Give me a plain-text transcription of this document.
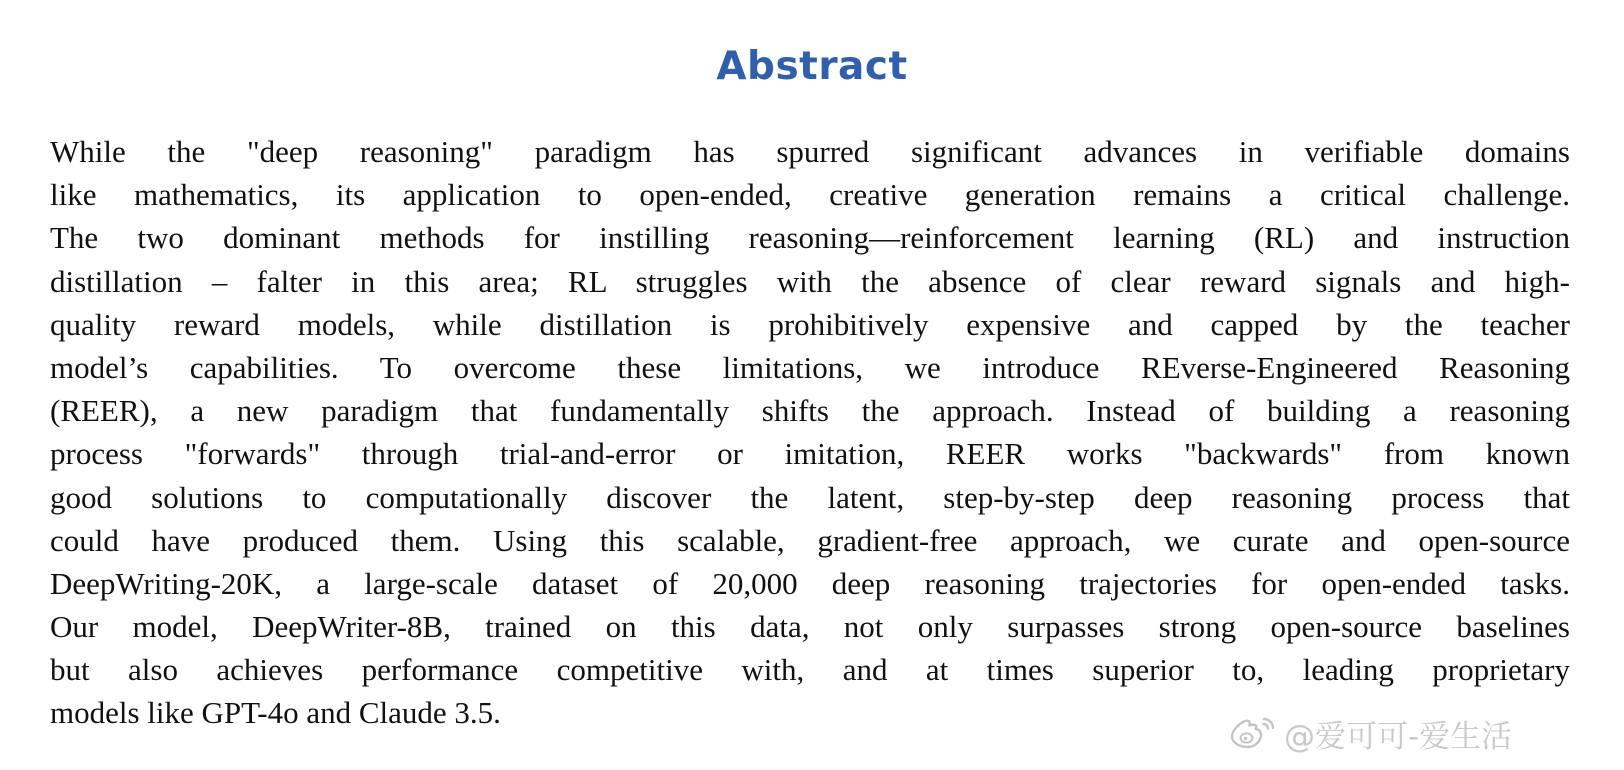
Abstract
While the "deep reasoning" paradigm has spurred significant advances in verifiable domains
like mathematics, its application to open-ended, creative generation remains a critical challenge.
The two dominant methods for instilling reasoning—reinforcement learning (RL) and instruction
distillation – falter in this area; RL struggles with the absence of clear reward signals and high-
quality reward models, while distillation is prohibitively expensive and capped by the teacher
model’s capabilities. To overcome these limitations, we introduce REverse-Engineered Reasoning
(REER), a new paradigm that fundamentally shifts the approach. Instead of building a reasoning
process "forwards" through trial-and-error or imitation, REER works "backwards" from known
good solutions to computationally discover the latent, step-by-step deep reasoning process that
could have produced them. Using this scalable, gradient-free approach, we curate and open-source
DeepWriting-20K, a large-scale dataset of 20,000 deep reasoning trajectories for open-ended tasks.
Our model, DeepWriter-8B, trained on this data, not only surpasses strong open-source baselines
but also achieves performance competitive with, and at times superior to, leading proprietary
models like GPT-4o and Claude 3.5.
@爱可可-爱生活
